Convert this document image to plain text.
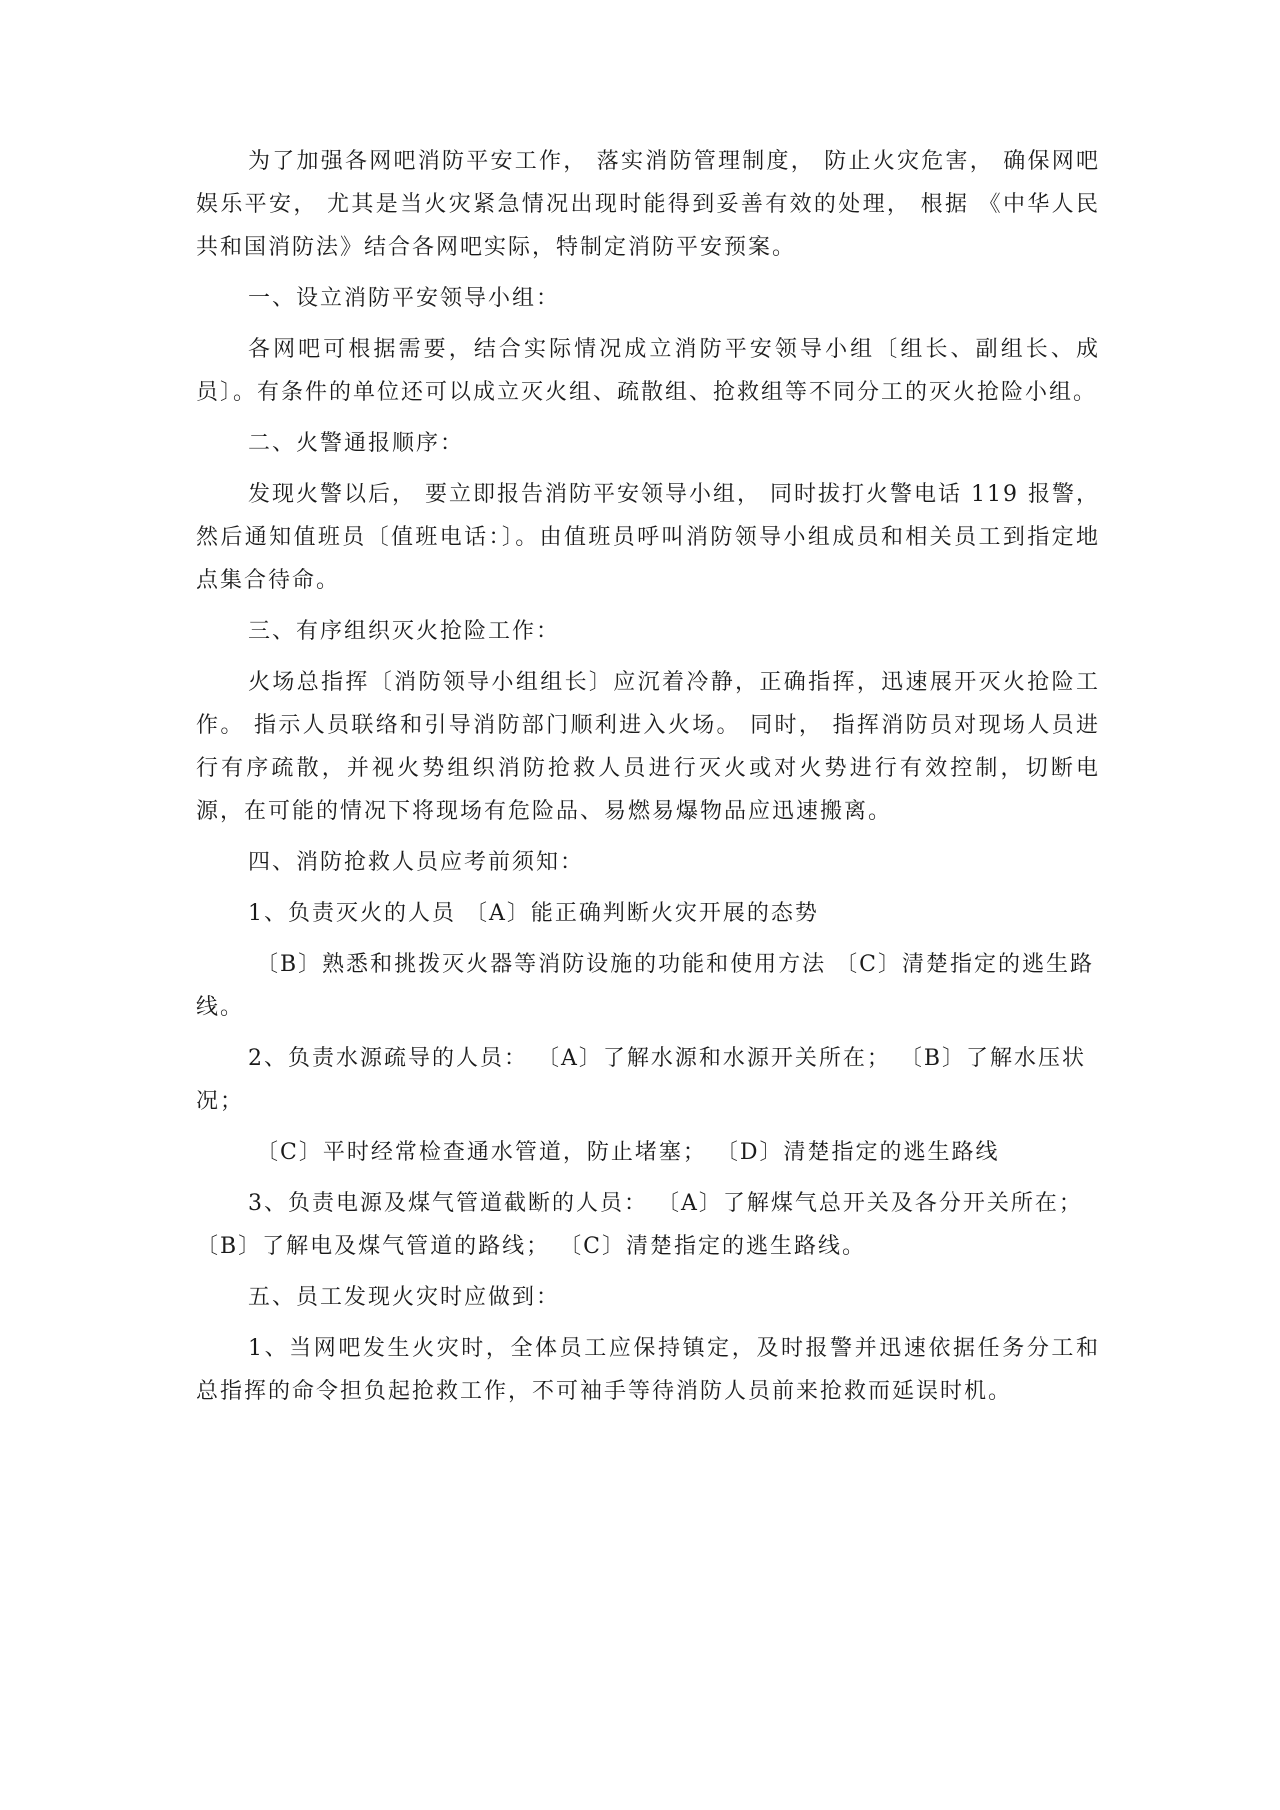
为了加强各网吧消防平安工作， 落实消防管理制度， 防止火灾危害， 确保网吧娱乐平安， 尤其是当火灾紧急情况出现时能得到妥善有效的处理， 根据 《中华人民共和国消防法》结合各网吧实际，特制定消防平安预案。

一、设立消防平安领导小组：

各网吧可根据需要，结合实际情况成立消防平安领导小组〔组长、副组长、成员〕。有条件的单位还可以成立灭火组、疏散组、抢救组等不同分工的灭火抢险小组。

二、火警通报顺序：

发现火警以后， 要立即报告消防平安领导小组， 同时拔打火警电话 119 报警，然后通知值班员〔值班电话：〕。由值班员呼叫消防领导小组成员和相关员工到指定地点集合待命。

三、有序组织灭火抢险工作：

火场总指挥〔消防领导小组组长〕应沉着冷静，正确指挥，迅速展开灭火抢险工作。 指示人员联络和引导消防部门顺利进入火场。 同时， 指挥消防员对现场人员进行有序疏散，并视火势组织消防抢救人员进行灭火或对火势进行有效控制，切断电源，在可能的情况下将现场有危险品、易燃易爆物品应迅速搬离。

四、消防抢救人员应考前须知：

1、负责灭火的人员 〔A〕能正确判断火灾开展的态势

〔B〕熟悉和挑拨灭火器等消防设施的功能和使用方法 〔C〕清楚指定的逃生路线。

2、负责水源疏导的人员： 〔A〕了解水源和水源开关所在； 〔B〕了解水压状况；

〔C〕平时经常检查通水管道，防止堵塞； 〔D〕清楚指定的逃生路线

3、负责电源及煤气管道截断的人员： 〔A〕了解煤气总开关及各分开关所在； 〔B〕了解电及煤气管道的路线； 〔C〕清楚指定的逃生路线。

五、员工发现火灾时应做到：

1、当网吧发生火灾时，全体员工应保持镇定，及时报警并迅速依据任务分工和总指挥的命令担负起抢救工作，不可袖手等待消防人员前来抢救而延误时机。
